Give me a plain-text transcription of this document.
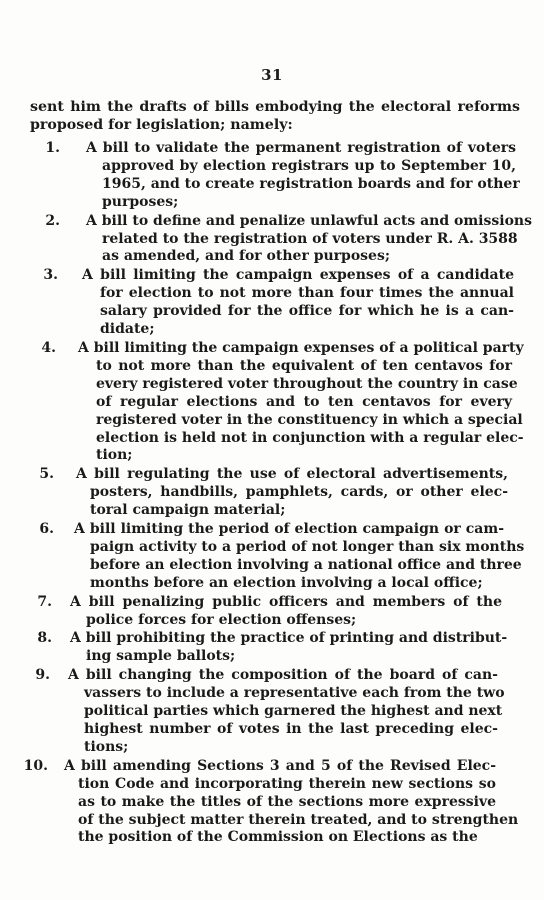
31
sent him the drafts of bills embodying the electoral reforms
proposed for legislation; namely:
1. A bill to validate the permanent registration of voters
approved by election registrars up to September 10,
1965, and to create registration boards and for other
purposes;
2. A bill to define and penalize unlawful acts and omissions
related to the registration of voters under R. A. 3588
as amended, and for other purposes;
3. A bill limiting the campaign expenses of a candidate
for election to not more than four times the annual
salary provided for the office for which he is a can-
didate;
4. A bill limiting the campaign expenses of a political party
to not more than the equivalent of ten centavos for
every registered voter throughout the country in case
of regular elections and to ten centavos for every
registered voter in the constituency in which a special
election is held not in conjunction with a regular elec-
tion;
5. A bill regulating the use of electoral advertisements,
posters, handbills, pamphlets, cards, or other elec-
toral campaign material;
6. A bill limiting the period of election campaign or cam-
paign activity to a period of not longer than six months
before an election involving a national office and three
months before an election involving a local office;
7. A bill penalizing public officers and members of the
police forces for election offenses;
8. A bill prohibiting the practice of printing and distribut-
ing sample ballots;
9. A bill changing the composition of the board of can-
vassers to include a representative each from the two
political parties which garnered the highest and next
highest number of votes in the last preceding elec-
tions;
10. A bill amending Sections 3 and 5 of the Revised Elec-
tion Code and incorporating therein new sections so
as to make the titles of the sections more expressive
of the subject matter therein treated, and to strengthen
the position of the Commission on Elections as the
